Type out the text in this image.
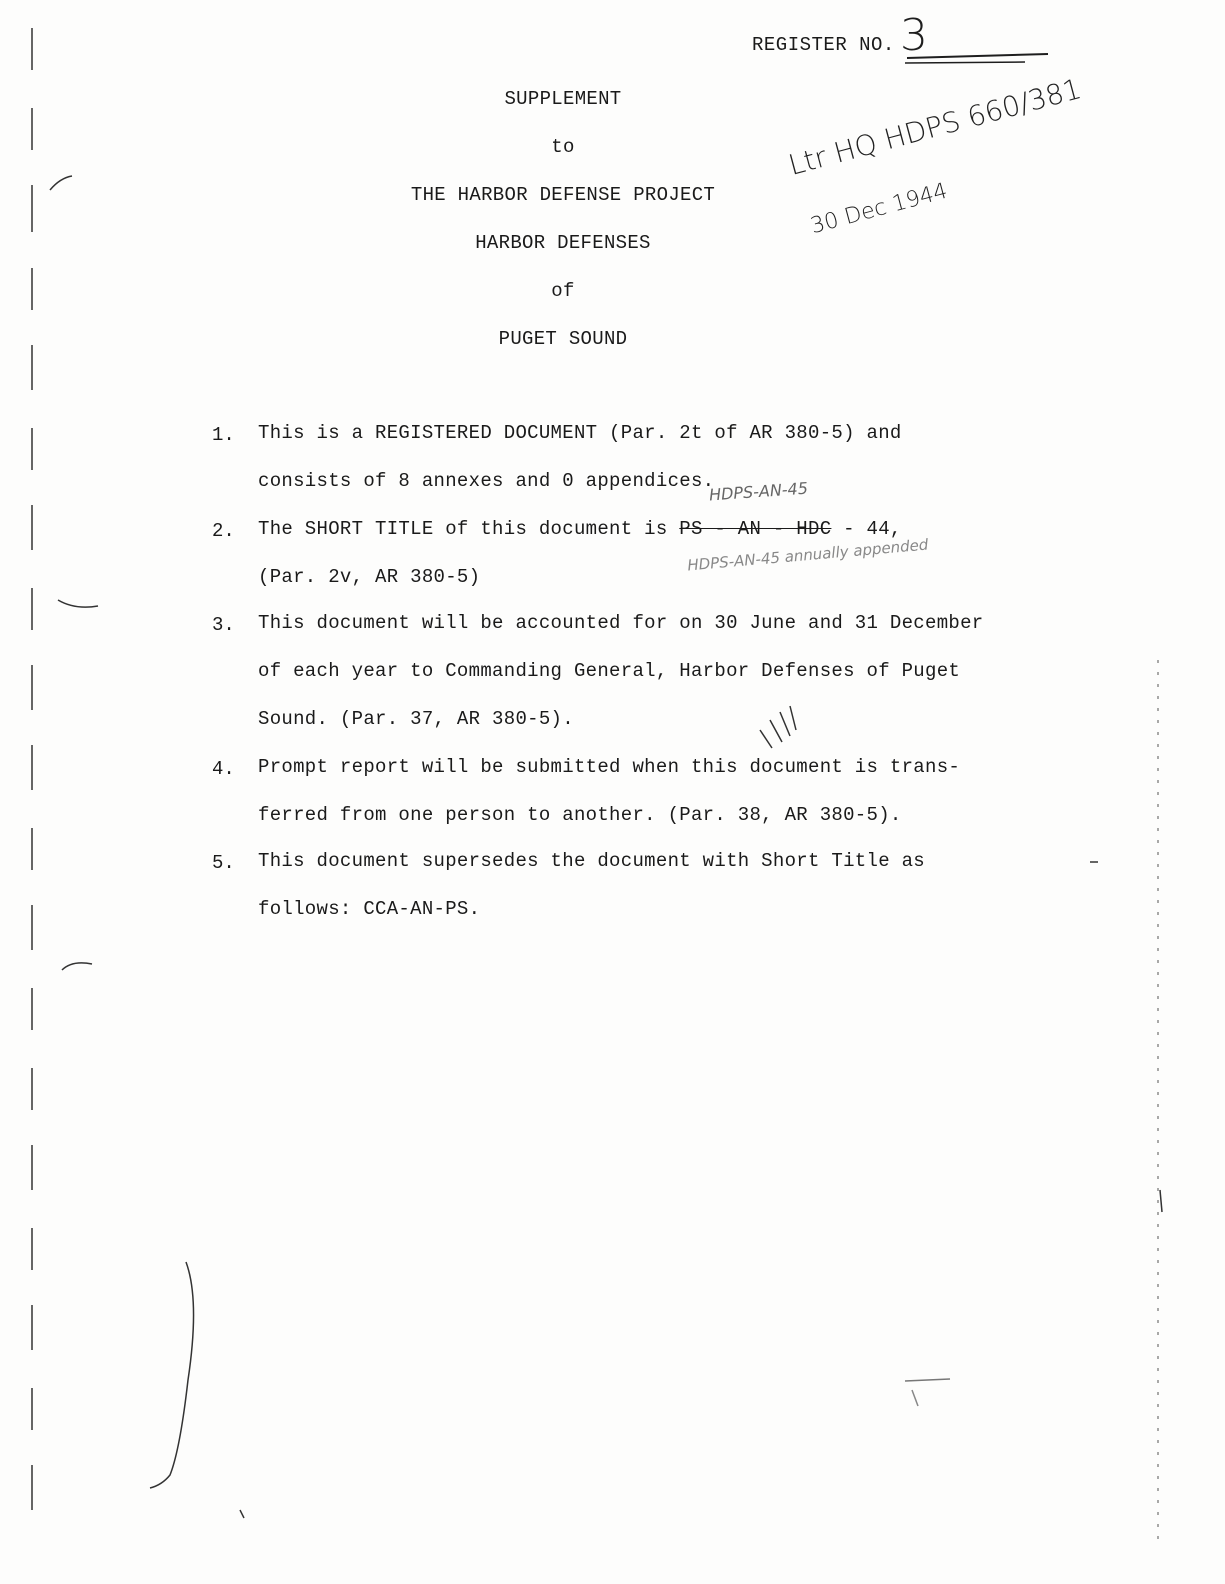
REGISTER NO. 3
SUPPLEMENT
to
THE HARBOR DEFENSE PROJECT
HARBOR DEFENSES
of
PUGET SOUND
Ltr HQ HDPS 660/381
30 Dec 1944
1. This is a REGISTERED DOCUMENT (Par. 2t of AR 380-5) and
consists of 8 annexes and 0 appendices.
2. The SHORT TITLE of this document is PS - AN - HDC - 44,
HDPS-AN-45
HDPS-AN-45 annually appended
(Par. 2v, AR 380-5)
3. This document will be accounted for on 30 June and 31 December
of each year to Commanding General, Harbor Defenses of Puget
Sound. (Par. 37, AR 380-5).
4. Prompt report will be submitted when this document is trans-
ferred from one person to another. (Par. 38, AR 380-5).
5. This document supersedes the document with Short Title as
follows: CCA-AN-PS.
